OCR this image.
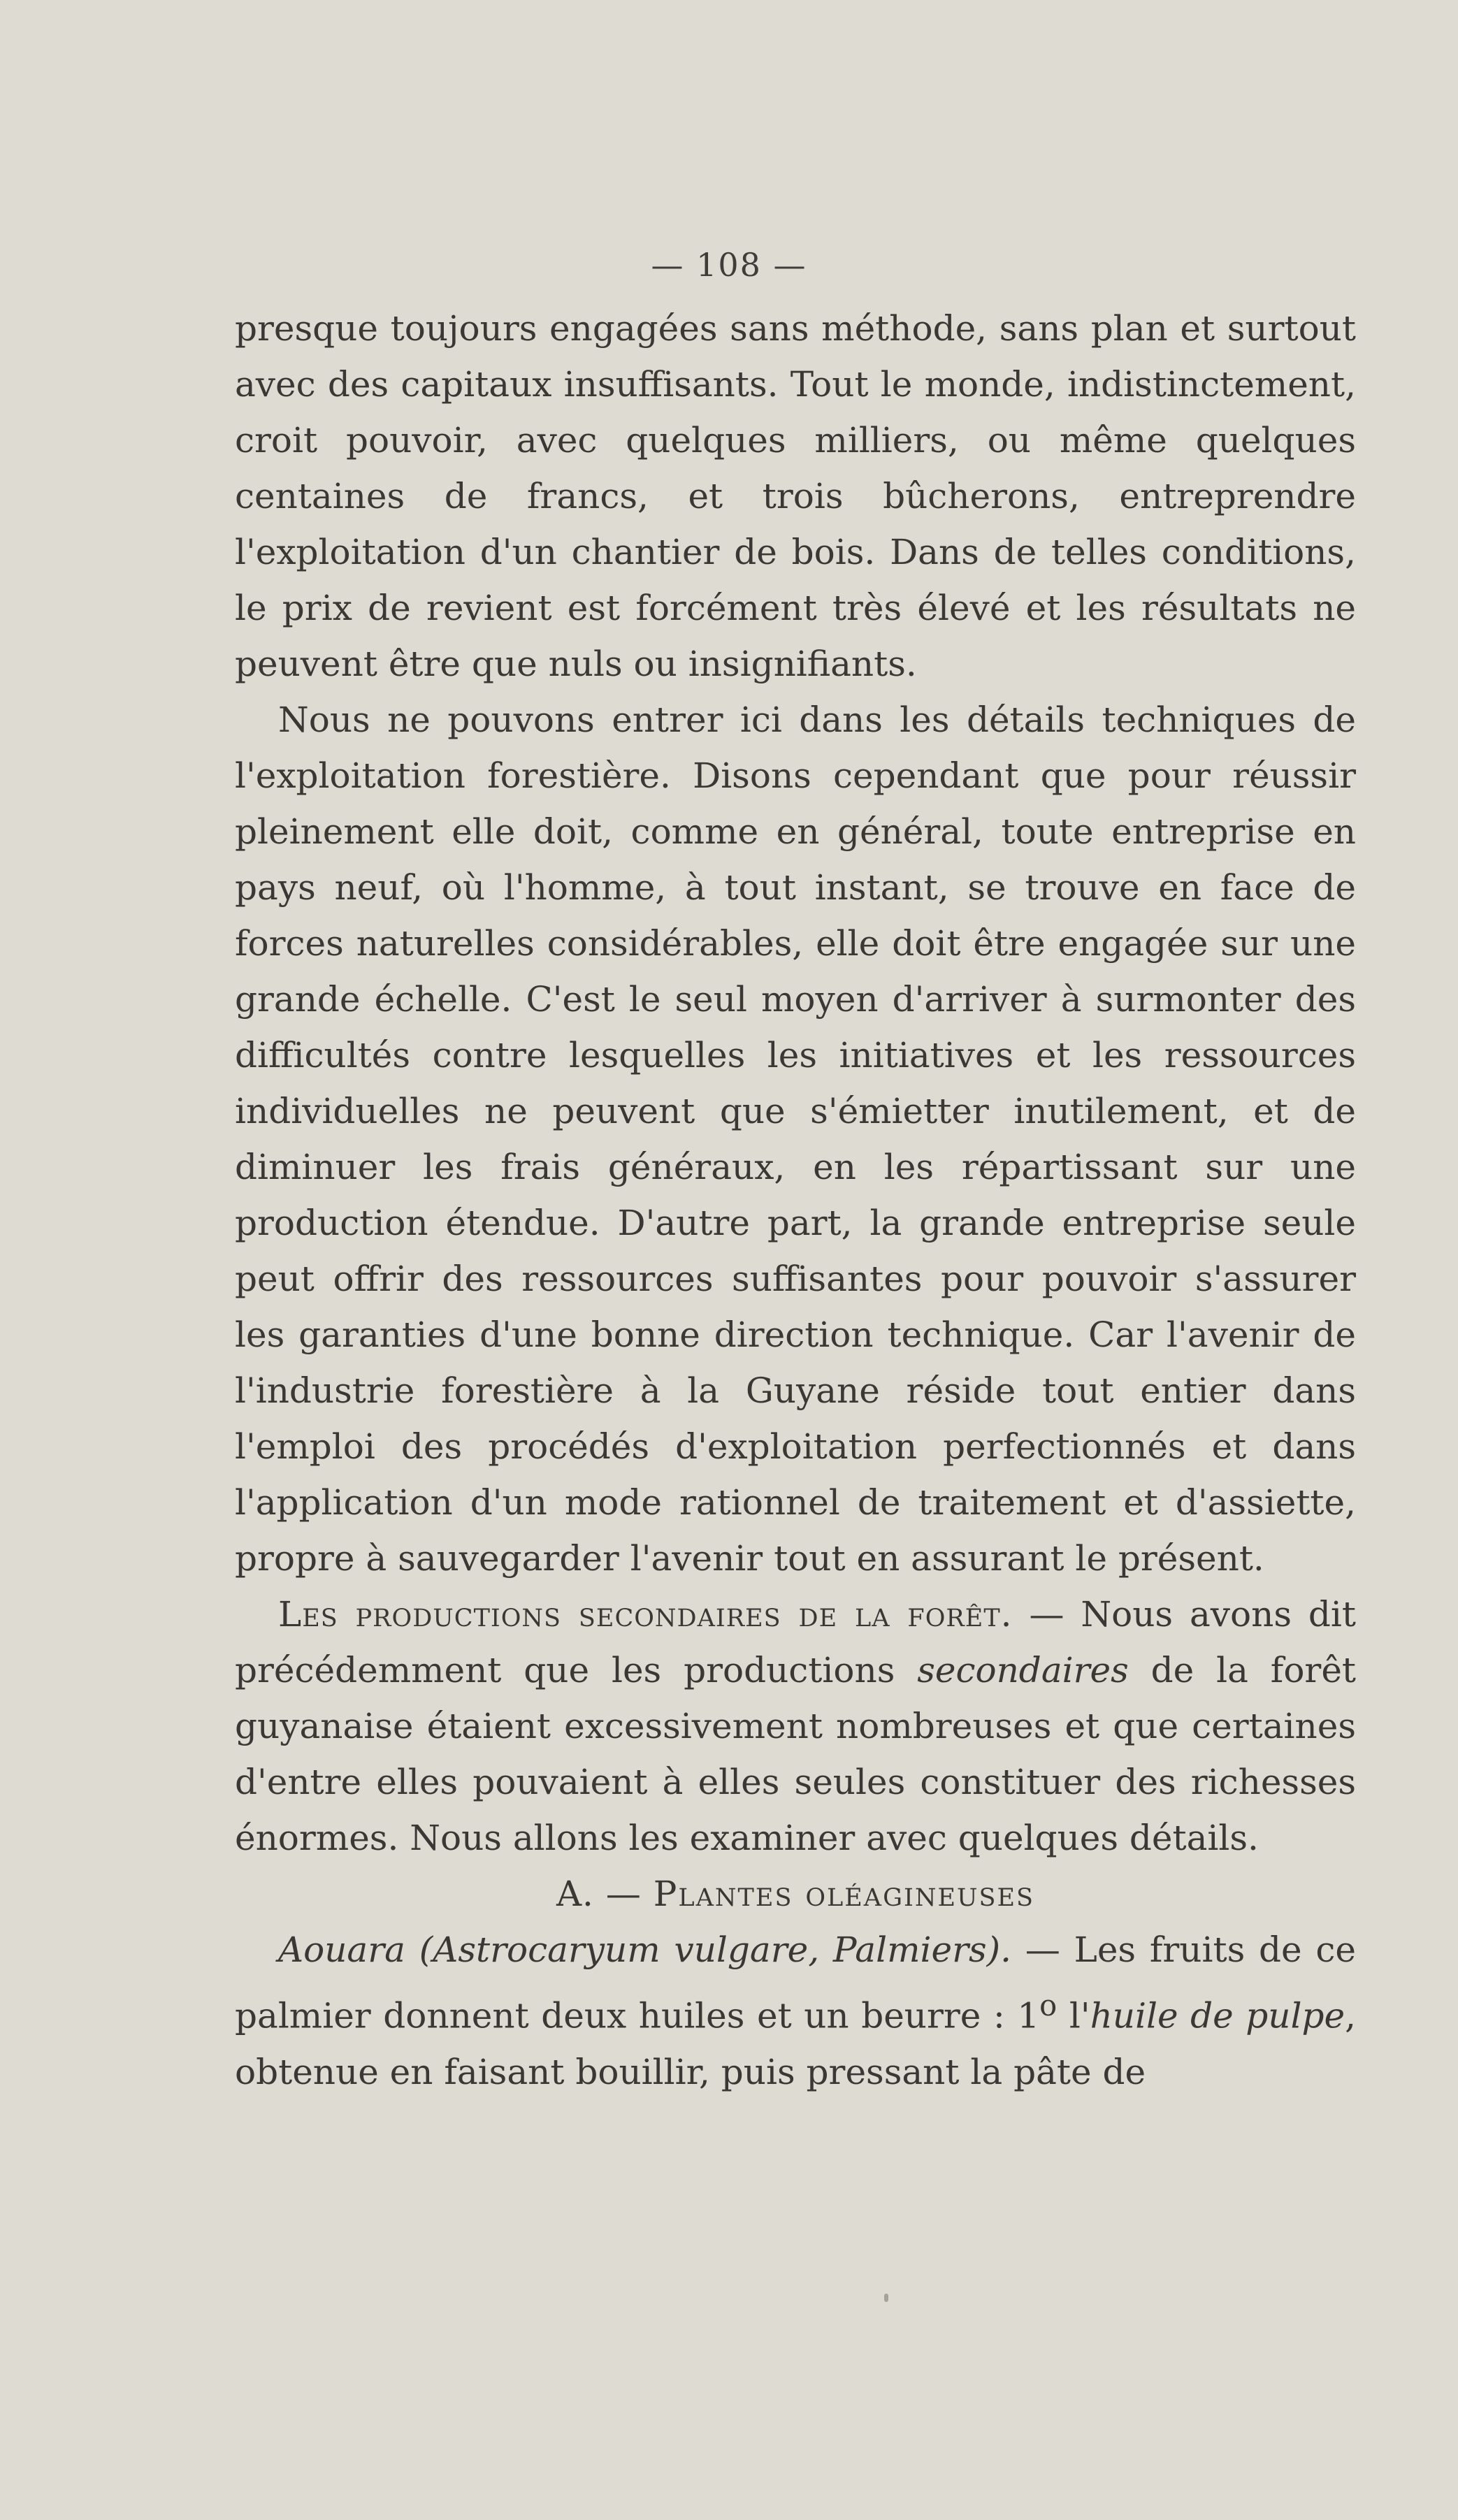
— 108 —

presque toujours engagées sans méthode, sans plan et surtout avec des capitaux insuffisants. Tout le monde, indistinctement, croit pouvoir, avec quelques milliers, ou même quelques centaines de francs, et trois bûcherons, entreprendre l'exploitation d'un chantier de bois. Dans de telles conditions, le prix de revient est forcément très élevé et les résultats ne peuvent être que nuls ou insignifiants.

Nous ne pouvons entrer ici dans les détails techniques de l'exploitation forestière. Disons cependant que pour réussir pleinement elle doit, comme en général, toute entreprise en pays neuf, où l'homme, à tout instant, se trouve en face de forces naturelles considérables, elle doit être engagée sur une grande échelle. C'est le seul moyen d'arriver à surmonter des difficultés contre lesquelles les initiatives et les ressources individuelles ne peuvent que s'émietter inutilement, et de diminuer les frais généraux, en les répartissant sur une production étendue. D'autre part, la grande entreprise seule peut offrir des ressources suffisantes pour pouvoir s'assurer les garanties d'une bonne direction technique. Car l'avenir de l'industrie forestière à la Guyane réside tout entier dans l'emploi des procédés d'exploitation perfectionnés et dans l'application d'un mode rationnel de traitement et d'assiette, propre à sauvegarder l'avenir tout en assurant le présent.

Les productions secondaires de la forêt. — Nous avons dit précédemment que les productions secondaires de la forêt guyanaise étaient excessivement nombreuses et que certaines d'entre elles pouvaient à elles seules constituer des richesses énormes. Nous allons les examiner avec quelques détails.

A. — Plantes oléagineuses

Aouara (Astrocaryum vulgare, Palmiers). — Les fruits de ce palmier donnent deux huiles et un beurre : 1$^o$ l'huile de pulpe, obtenue en faisant bouillir, puis pressant la pâte de
